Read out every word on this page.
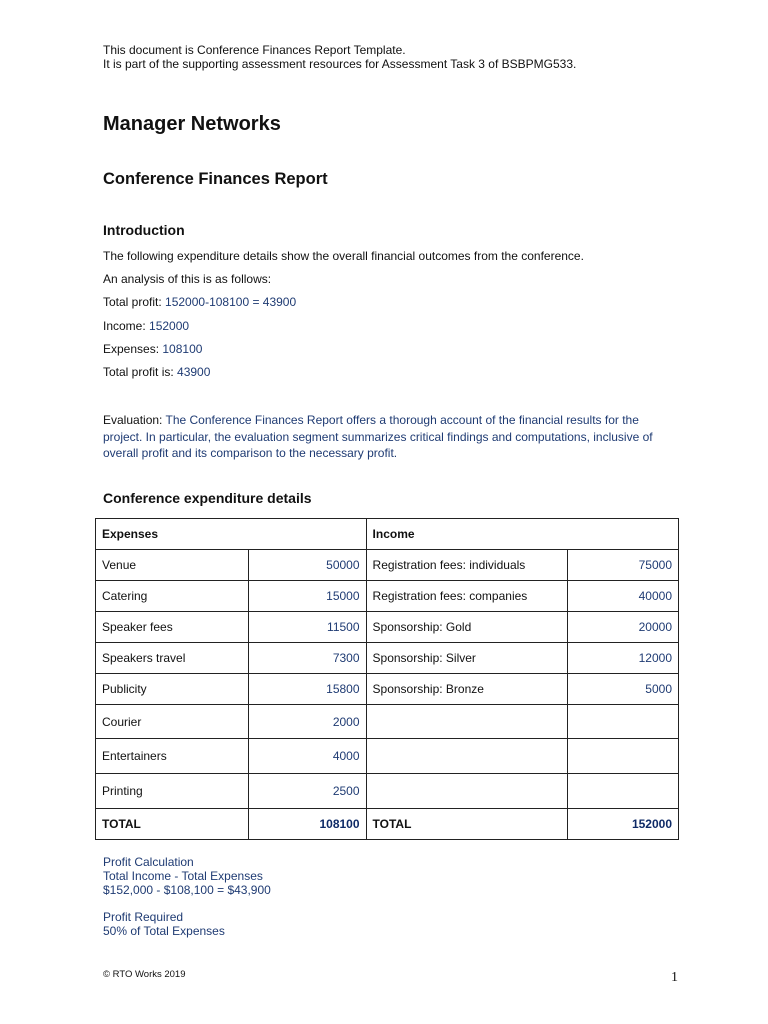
This document is Conference Finances Report Template.
It is part of the supporting assessment resources for Assessment Task 3 of BSBPMG533.
Manager Networks
Conference Finances Report
Introduction

The following expenditure details show the overall financial outcomes from the conference.

An analysis of this is as follows:

Total profit: 152000-108100 = 43900

Income: 152000

Expenses: 108100

Total profit is: 43900

Evaluation: The Conference Finances Report offers a thorough account of the financial results for the project. In particular, the evaluation segment summarizes critical findings and computations, inclusive of overall profit and its comparison to the necessary profit.

Conference expenditure details
Expenses		Income	
Venue	50000	Registration fees: individuals	75000
Catering	15000	Registration fees: companies	40000
Speaker fees	11500	Sponsorship: Gold	20000
Speakers travel	7300	Sponsorship: Silver	12000
Publicity	15800	Sponsorship: Bronze	5000
Courier	2000		
Entertainers	4000		
Printing	2500		
TOTAL	108100	TOTAL	152000
Profit Calculation
Total Income - Total Expenses
$152,000 - $108,100 = $43,900
Profit Required
50% of Total Expenses
© RTO Works 2019	1
